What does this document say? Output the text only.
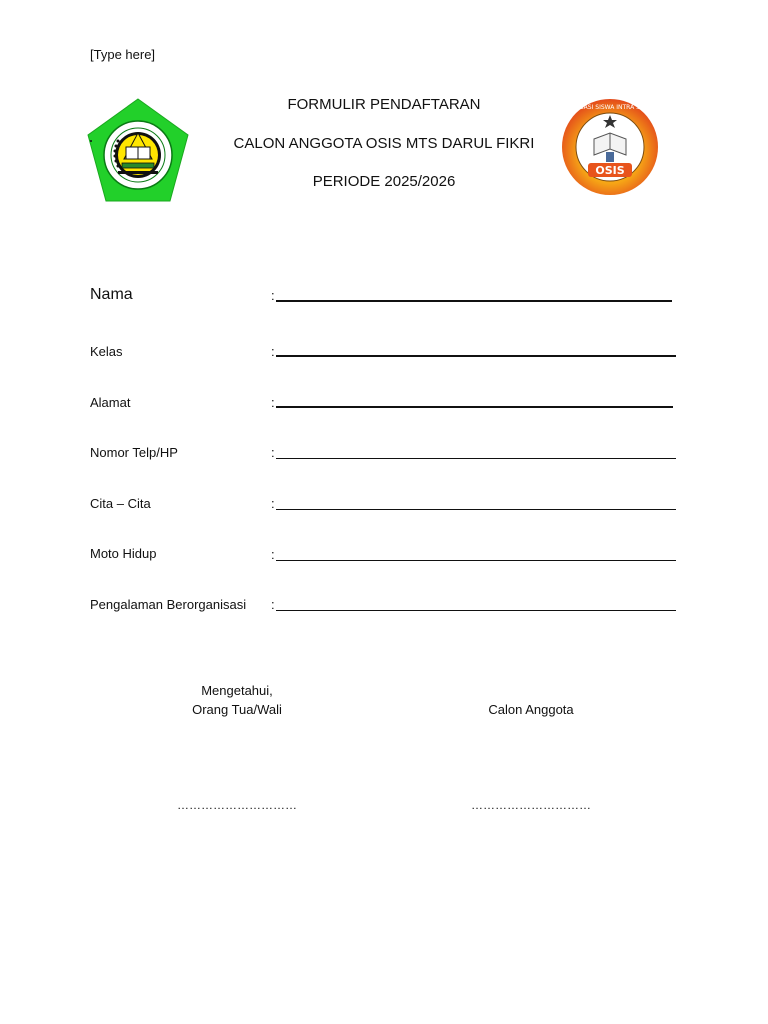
[Type here]
FORMULIR PENDAFTARAN
CALON ANGGOTA OSIS MTS DARUL FIKRI
PERIODE 2025/2026
OSIS
ORGANISASI SISWA INTRA SEKOLAH
Nama	:
Kelas	:
Alamat	:
Nomor Telp/HP	:
Cita – Cita	:
Moto Hidup	:
Pengalaman Berorganisasi :
Mengetahui,
Orang Tua/Wali	Calon Anggota
…………………………	…………………………
